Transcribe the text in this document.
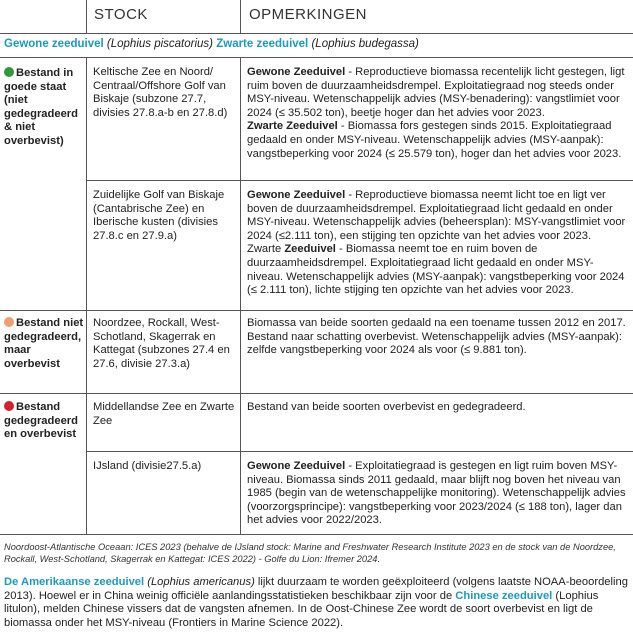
STOCK	OPMERKINGEN
Gewone zeeduivel (Lophius piscatorius) Zwarte zeeduivel (Lophius budegassa)
Bestand in goede staat (niet gedegradeerd & niet overbevist)
Bestand niet gedegradeerd, maar overbevist
Bestand gedegradeerd en overbevist
Keltische Zee en Noord/ Centraal/Offshore Golf van Biskaje (subzone 27.7, divisies 27.8.a-b en 27.8.d)
Gewone Zeeduivel - Reproductieve biomassa recentelijk licht gestegen, ligt ruim boven de duurzaamheidsdrempel. Exploitatiegraad nog steeds onder MSY-niveau. Wetenschappelijk advies (MSY-benadering): vangstlimiet voor 2024 (≤ 35.502 ton), beetje hoger dan het advies voor 2023.
Zwarte Zeeduivel - Biomassa fors gestegen sinds 2015. Exploitatiegraad gedaald en onder MSY-niveau. Wetenschappelijk advies (MSY-aanpak): vangstbeperking voor 2024 (≤ 25.579 ton), hoger dan het advies voor 2023.
Zuidelijke Golf van Biskaje (Cantabrische Zee) en Iberische kusten (divisies 27.8.c en 27.9.a)
Gewone Zeeduivel - Reproductieve biomassa neemt licht toe en ligt ver boven de duurzaamheidsdrempel. Exploitatiegraad licht gedaald en onder MSY-niveau. Wetenschappelijk advies (beheersplan): MSY-vangstlimiet voor 2024 (≤2.111 ton), een stijging ten opzichte van het advies voor 2023. Zwarte Zeeduivel - Biomassa neemt toe en ruim boven de duurzaamheidsdrempel. Exploitatiegraad licht gedaald en onder MSY-niveau. Wetenschappelijk advies (MSY-aanpak): vangstbeperking voor 2024 (≤ 2.111 ton), lichte stijging ten opzichte van het advies voor 2023.
Noordzee, Rockall, West-Schotland, Skagerrak en Kattegat (subzones 27.4 en 27.6, divisie 27.3.a)
Biomassa van beide soorten gedaald na een toename tussen 2012 en 2017. Bestand naar schatting overbevist. Wetenschappelijk advies (MSY-aanpak): zelfde vangstbeperking voor 2024 als voor (≤ 9.881 ton).
Middellandse Zee en Zwarte Zee
Bestand van beide soorten overbevist en gedegradeerd.
IJsland (divisie27.5.a)	Gewone Zeeduivel - Exploitatiegraad is gestegen en ligt ruim boven MSY-niveau. Biomassa sinds 2011 gedaald, maar blijft nog boven het niveau van 1985 (begin van de wetenschappelijke monitoring). Wetenschappelijk advies (voorzorgsprincipe): vangstbeperking voor 2023/2024 (≤ 188 ton), lager dan het advies voor 2022/2023.
Noordoost-Atlantische Oceaan: ICES 2023 (behalve de IJsland stock: Marine and Freshwater Research Institute 2023 en de stock van de Noordzee, Rockall, West-Schotland, Skagerrak en Kattegat: ICES 2022) - Golfe du Lion: Ifremer 2024.
De Amerikaanse zeeduivel (Lophius americanus) lijkt duurzaam te worden geëxploiteerd (volgens laatste NOAA-beoordeling 2013). Hoewel er in China weinig officiële aanlandingsstatistieken beschikbaar zijn voor de Chinese zeeduivel (Lophius litulon), melden Chinese vissers dat de vangsten afnemen. In de Oost-Chinese Zee wordt de soort overbevist en ligt de biomassa onder het MSY-niveau (Frontiers in Marine Science 2022).
